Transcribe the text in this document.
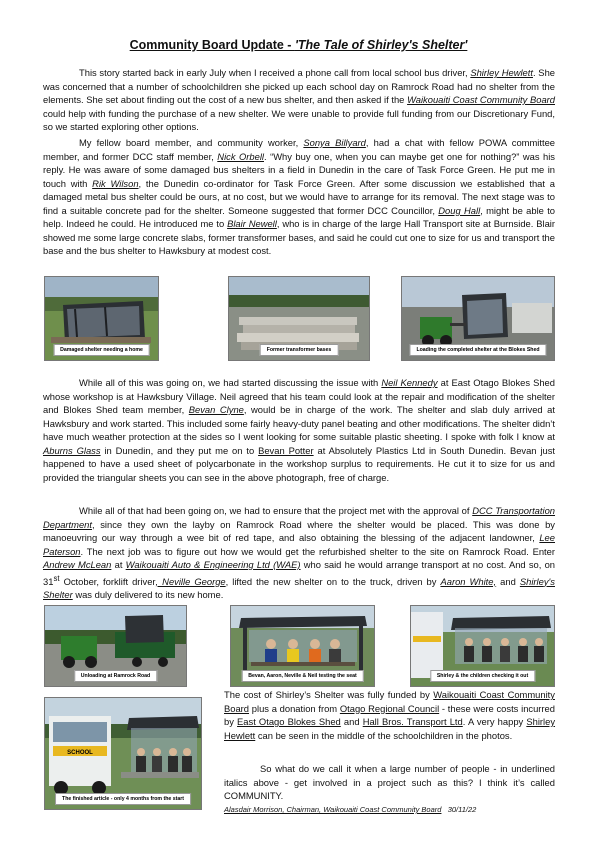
Community Board Update - 'The Tale of Shirley's Shelter'

This story started back in early July when I received a phone call from local school bus driver, Shirley Hewlett. She was concerned that a number of schoolchildren she picked up each school day on Ramrock Road had no shelter from the elements. She set about finding out the cost of a new bus shelter, and then asked if the Waikouaiti Coast Community Board could help with funding the purchase of a new shelter. We were unable to provide full funding from our Discretionary Fund, so we started exploring other options.

My fellow board member, and community worker, Sonya Billyard, had a chat with fellow POWA committee member, and former DCC staff member, Nick Orbell. “Why buy one, when you can maybe get one for nothing?” was his reply. He was aware of some damaged bus shelters in a field in Dunedin in the care of Task Force Green. He put me in touch with Rik Wilson, the Dunedin co-ordinator for Task Force Green. After some discussion we established that a damaged metal bus shelter could be ours, at no cost, but we would have to arrange for its removal. The next stage was to find a suitable concrete pad for the shelter. Someone suggested that former DCC Councillor, Doug Hall, might be able to help. Indeed he could. He introduced me to Blair Newell, who is in charge of the large Hall Transport site at Burnside. Blair showed me some large concrete slabs, former transformer bases, and said he could cut one to size for us and transport the base and the bus shelter to Hawksbury at modest cost.

Damaged shelter needing a home	Former transformer bases	Loading the completed shelter at the Blokes Shed

While all of this was going on, we had started discussing the issue with Neil Kennedy at East Otago Blokes Shed whose workshop is at Hawksbury Village. Neil agreed that his team could look at the repair and modification of the shelter and Blokes Shed team member, Bevan Clyne, would be in charge of the work. The shelter and slab duly arrived at Hawksbury and work started. This included some fairly heavy-duty panel beating and other modifications. The shelter didn’t have much weather protection at the sides so I went looking for some suitable plastic sheeting. I spoke with folk I know at Aburns Glass in Dunedin, and they put me on to Bevan Potter at Absolutely Plastics Ltd in South Dunedin. Bevan just happened to have a used sheet of polycarbonate in the workshop surplus to requirements. He cut it to size for us and provided the triangular sheets you can see in the above photograph, free of charge.

While all of that had been going on, we had to ensure that the project met with the approval of DCC Transportation Department, since they own the layby on Ramrock Road where the shelter would be placed. This was done by manoeuvring our way through a wee bit of red tape, and also obtaining the blessing of the adjacent landowner, Lee Paterson. The next job was to figure out how we would get the refurbished shelter to the site on Ramrock Road. Enter Andrew McLean at Waikouaiti Auto & Engineering Ltd (WAE) who said he would arrange transport at no cost. And so, on 31st October, forklift driver, Neville George, lifted the new shelter on to the truck, driven by Aaron White, and Shirley's Shelter was duly delivered to its new home.

Unloading at Ramrock Road	Bevan, Aaron, Neville & Neil testing the seat	Shirley & the children checking it out
SCHOOL
The finished article - only 4 months from the start

The cost of Shirley’s Shelter was fully funded by Waikouaiti Coast Community Board plus a donation from Otago Regional Council - these were costs incurred by East Otago Blokes Shed and Hall Bros. Transport Ltd. A very happy Shirley Hewlett can be seen in the middle of the schoolchildren in the photos.

So what do we call it when a large number of people - in underlined italics above - get involved in a project such as this? I think it’s called COMMUNITY.

Alasdair Morrison, Chairman, Waikouaiti Coast Community Board 30/11/22
